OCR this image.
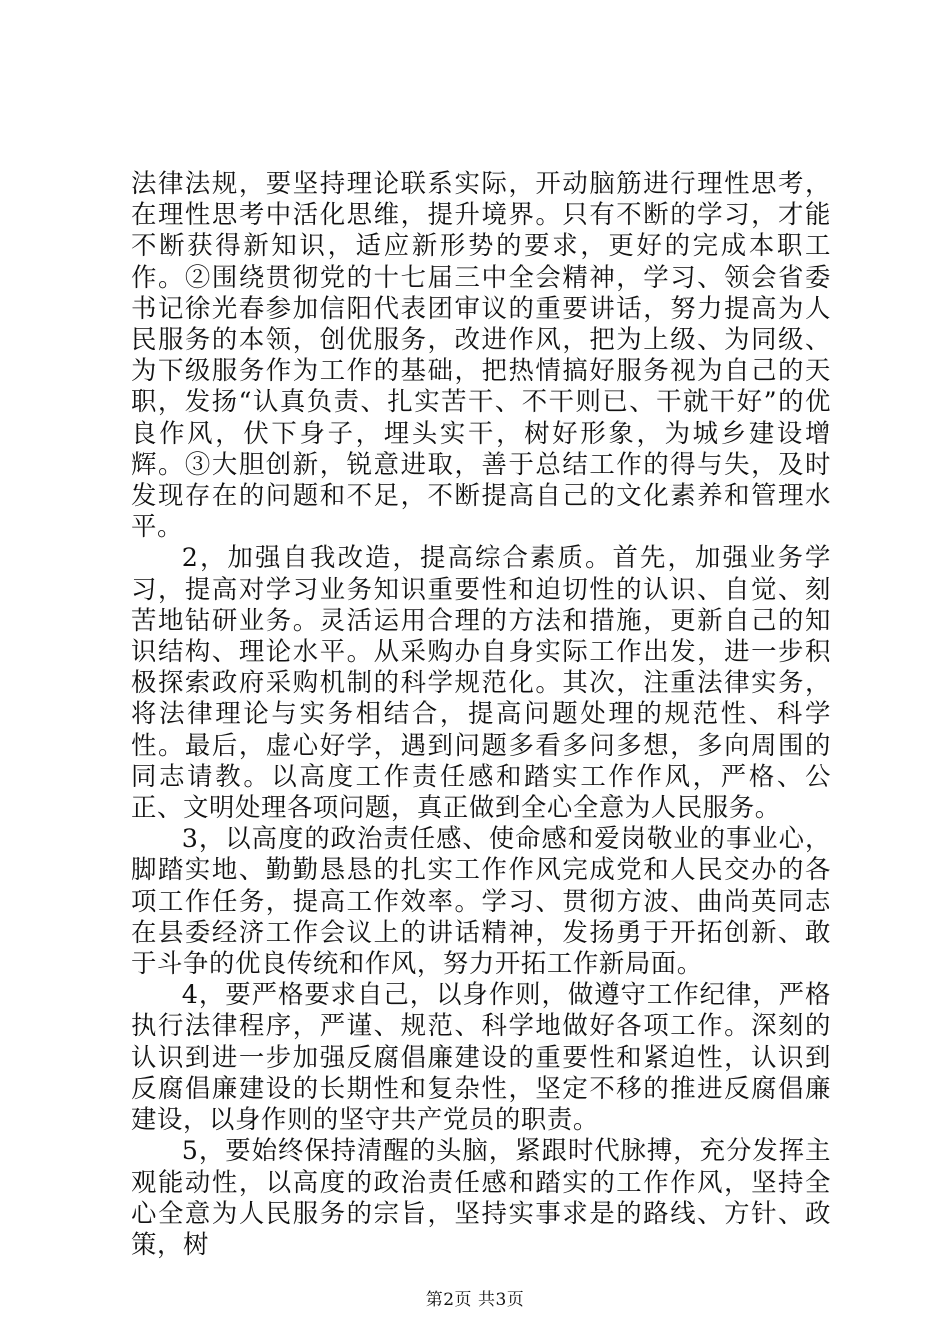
法律法规，要坚持理论联系实际，开动脑筋进行理性思考，在理性思考中活化思维，提升境界。只有不断的学习，才能不断获得新知识，适应新形势的要求，更好的完成本职工作。②围绕贯彻党的十七届三中全会精神，学习、领会省委书记徐光春参加信阳代表团审议的重要讲话，努力提高为人民服务的本领，创优服务，改进作风，把为上级、为同级、为下级服务作为工作的基础，把热情搞好服务视为自己的天职，发扬“认真负责、扎实苦干、不干则已、干就干好”的优良作风，伏下身子，埋头实干，树好形象，为城乡建设增辉。③大胆创新，锐意进取，善于总结工作的得与失，及时发现存在的问题和不足，不断提高自己的文化素养和管理水平。

2，加强自我改造，提高综合素质。首先，加强业务学习，提高对学习业务知识重要性和迫切性的认识、自觉、刻苦地钻研业务。灵活运用合理的方法和措施，更新自己的知识结构、理论水平。从采购办自身实际工作出发，进一步积极探索政府采购机制的科学规范化。其次，注重法律实务，将法律理论与实务相结合，提高问题处理的规范性、科学性。最后，虚心好学，遇到问题多看多问多想，多向周围的同志请教。以高度工作责任感和踏实工作作风，严格、公正、文明处理各项问题，真正做到全心全意为人民服务。

3，以高度的政治责任感、使命感和爱岗敬业的事业心，脚踏实地、勤勤恳恳的扎实工作作风完成党和人民交办的各项工作任务，提高工作效率。学习、贯彻方波、曲尚英同志在县委经济工作会议上的讲话精神，发扬勇于开拓创新、敢于斗争的优良传统和作风，努力开拓工作新局面。

4，要严格要求自己，以身作则，做遵守工作纪律，严格执行法律程序，严谨、规范、科学地做好各项工作。深刻的认识到进一步加强反腐倡廉建设的重要性和紧迫性，认识到反腐倡廉建设的长期性和复杂性，坚定不移的推进反腐倡廉建设，以身作则的坚守共产党员的职责。

5，要始终保持清醒的头脑，紧跟时代脉搏，充分发挥主观能动性，以高度的政治责任感和踏实的工作作风，坚持全心全意为人民服务的宗旨，坚持实事求是的路线、方针、政策，树

第2页 共3页
